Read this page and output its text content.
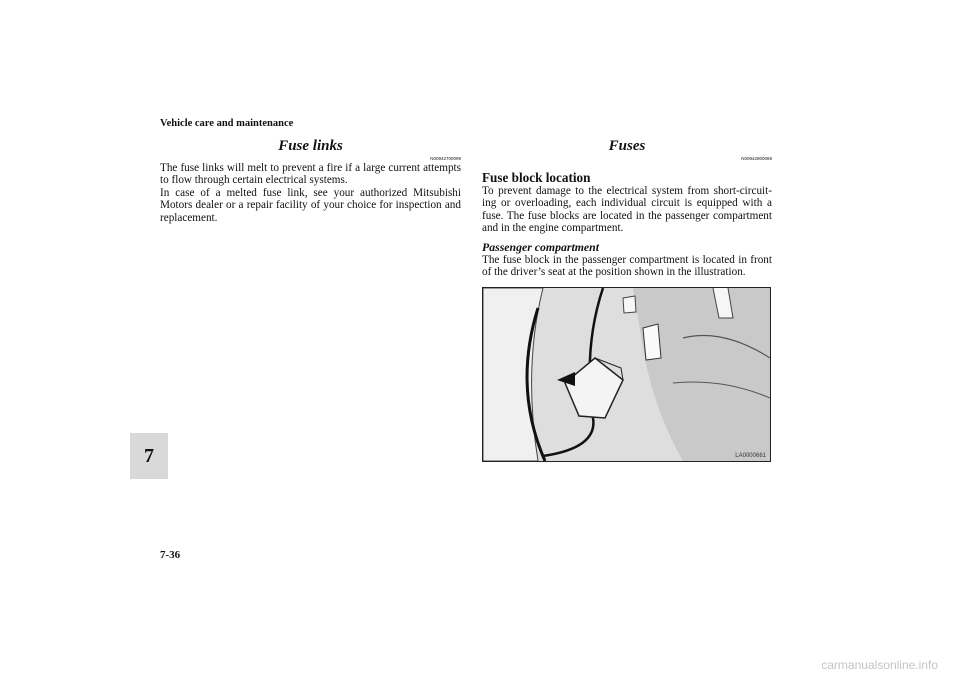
Vehicle care and maintenance
7
7-36
Fuse links
N00942700099

The fuse links will melt to prevent a fire if a large current attempts to flow through certain electrical systems.

In case of a melted fuse link, see your authorized Mitsubishi Motors dealer or a repair facility of your choice for inspection and replacement.

Fuses
N00942800069
Fuse block location

To prevent damage to the electrical system from short-circuit-ing or overloading, each individual circuit is equipped with a fuse. The fuse blocks are located in the passenger compartment and in the engine compartment.

Passenger compartment

The fuse block in the passenger compartment is located in front of the driver’s seat at the position shown in the illustration.

LA0000661
carmanualsonline.info
